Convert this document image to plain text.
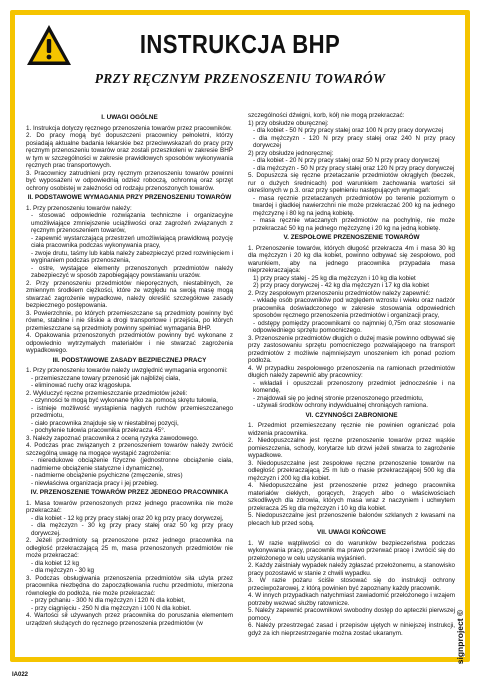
INSTRUKCJA BHP
PRZY RĘCZNYM PRZENOSZENIU TOWARÓW
I. UWAGI OGÓLNE

1. Instrukcja dotyczy ręcznego przenoszenia towarów przez pracowników.

2. Do pracy mogą być dopuszczeni pracownicy pełnoletni, którzy posiadają aktualne badania lekarskie bez przeciwwskazań do pracy przy ręcznym przenoszeniu towarów oraz zostali przeszkoleni w zakresie BHP w tym w szczególności w zakresie prawidłowych sposobów wykonywania ręcznych prac transportowych.

3. Pracownicy zatrudnieni przy ręcznym przenoszeniu towarów powinni być wyposażeni w odpowiednią odzież roboczą, ochronną oraz sprzęt ochrony osobistej w zależności od rodzaju przenoszonych towarów.

II. PODSTAWOWE WYMAGANIA PRZY PRZENOSZENIU TOWARÓW

1. Przy przenoszeniu towarów należy:

- stosować odpowiednie rozwiązania techniczne i organizacyjne umożliwiające zmniejszenie uciążliwości oraz zagrożeń związanych z ręcznym przenoszeniem towarów,

- zapewnić wystarczającą przestrzeń umożliwiającą prawidłową pozycję ciała pracownika podczas wykonywania pracy,

- zwoje drutu, taśmy lub kabla należy zabezpieczyć przed rozwinięciem i wyginaniem podczas przenoszenia,

- ostre, wystające elementy przenoszonych przedmiotów należy zabezpieczyć w sposób zapobiegający powstawaniu urazów.

2. Przy przenoszeniu przedmiotów nieporęcznych, niestabilnych, ze zmiennym środkiem ciężkości, które ze względu na swoją masę mogą stwarzać zagrożenie wypadkowe, należy określić szczegółowe zasady bezpiecznego postępowania.

3. Powierzchnie, po których przemieszczane są przedmioty powinny być równe, stabilne i nie śliskie a drogi transportowe i przejścia, po których przemieszczane są przedmioty powinny spełniać wymagania BHP.

4. Opakowania przenoszonych przedmiotów powinny być wykonane z odpowiednio wytrzymałych materiałów i nie stwarzać zagrożenia wypadkowego.

III. PODSTAWOWE ZASADY BEZPIECZNEJ PRACY

1. Przy przenoszeniu towarów należy uwzględnić wymagania ergonomii:

- przemieszczane towary przenosić jak najbliżej ciała,

- eliminować ruchy oraz krągosłupa.

2. Wykluczyć ręczne przemieszczanie przedmiotów jeżeli:

- czynności te mogą być wykonane tylko za pomocą skrętu tułowia,

- istnieje możliwość wystąpienia nagłych ruchów przemieszczanego przedmiotu,

- ciało pracownika znajduje się w niestabilnej pozycji,

- pochylenie tułowia pracownika przekracza 45°.

3. Należy zapoznać pracownika z oceną ryzyka zawodowego.

4. Podczas prac związanych z przenoszeniem towarów należy zwrócić szczególną uwagę na mogące wystąpić zagrożenia:

- nieredukowe obciążenie fizyczne (jednostronne obciążenie ciała, nadmierne obciążenie statyczne i dynamiczne),

- nadmierne obciążenie psychiczne (zmęczenie, stres)

- niewłaściwa organizacja pracy i jej przebieg.

IV. PRZENOSZENIE TOWARÓW PRZEZ JEDNEGO PRACOWNIKA

1. Masa towarów przenoszonych przez jednego pracownika nie może przekraczać:

- dla kobiet - 12 kg przy pracy stałej oraz 20 kg przy pracy dorywczej,

- dla mężczyzn - 30 kg przy pracy stałej oraz 50 kg przy pracy dorywczej.

2. Jeżeli przedmioty są przenoszone przez jednego pracownika na odległość przekraczającą 25 m, masa przenoszonych przedmiotów nie może przekraczać:

- dla kobiet 12 kg

- dla mężczyzn - 30 kg

3. Podczas obsługiwania przenoszenia przedmiotów siła użyta przez pracownika niezbędna do zapoczątkowania ruchu przedmiotu, mierzona równolegle do podłoża, nie może przekraczać:

- przy pchaniu - 300 N dla mężczyzn i 120 N dla kobiet,

- przy ciągnięciu - 250 N dla mężczyzn i 100 N dla kobiet.

4. Wartości sił używanych przez pracownika do poruszania elementem urządzeń służących do ręcznego przenoszenia przedmiotów (w

szczególności dźwigni, korb, kół) nie mogą przekraczać:

1) przy obsłudze oburęcznej:

- dla kobiet - 50 N przy pracy stałej oraz 100 N przy pracy dorywczej

- dla mężczyzn - 120 N przy pracy stałej oraz 240 N przy pracy dorywczej

2) przy obsłudze jednoręcznej:

- dla kobiet - 20 N przy pracy stałej oraz 50 N przy pracy dorywczej

- dla mężczyzn - 50 N przy pracy stałej oraz 120 N przy pracy dorywczej

5. Dopuszcza się ręczne przetaczanie przedmiotów okrągłych (beczek, rur o dużych średnicach) pod warunkiem zachowania wartości sił określonych w p.3. oraz przy spełnieniu następujących wymagań:

- masa ręcznie przetaczanych przedmiotów po terenie poziomym o twardej i gładkiej nawierzchni nie może przekraczać 200 kg na jednego mężczyznę i 80 kg na jedną kobietę.

- masa ręcznie wtaczanych przedmiotów na pochylnię, nie może przekraczać 50 kg na jednego mężczyznę i 20 kg na jedną kobietę.

V. ZESPOŁOWE PRZENOSZENIE TOWARÓW

1. Przenoszenie towarów, których długość przekracza 4m i masa 30 kg dla mężczyzn i 20 kg dla kobiet, powinno odbywać się zespołowo, pod warunkiem, aby na jednego pracownika przypadała masa nieprzekraczająca:

1) przy pracy stałej - 25 kg dla mężczyzn i 10 kg dla kobiet

2) przy pracy dorywczej - 42 kg dla mężczyzn i 17 kg dla kobiet

2. Przy zespołowym przenoszeniu przedmiotów należy zapewnić:

- wkładę osób pracowników pod względem wzrostu i wieku oraz nadzór pracownika doświadczonego w zakresie stosowania odpowiednich sposobów ręcznego przenoszenia przedmiotów i organizacji pracy,

- odstępy pomiędzy pracownikami co najmniej 0,75m oraz stosowanie odpowiedniego sprzętu pomocniczego.

3. Przenoszenie przedmiotów długich o dużej masie powinno odbywać się przy zastosowaniu sprzętu pomocniczego pozwalającego na transport przedmiotów z możliwie najmniejszym unoszeniem ich ponad poziom podłoża.

4. W przypadku zespołowego przenoszenia na ramionach przedmiotów długich należy zapewnić aby pracownicy:

- wkładali i opuszczali przenoszony przedmiot jednocześnie i na komendę,

- znajdowali się po jednej stronie przenoszonego przedmiotu,

- używali środków ochrony indywidualnej chroniących ramiona.

VI. CZYNNOŚCI ZABRONIONE

1. Przedmiot przemieszczany ręcznie nie powinien ograniczać pola widzenia pracownika.

2. Niedopuszczalne jest ręczne przenoszenie towarów przez wąskie pomieszczenia, schody, korytarze lub drzwi jeżeli stwarza to zagrożenie wypadkowe.

3. Niedopuszczalne jest zespołowe ręczne przenoszenie towarów na odległość przekraczającą 25 m lub o masie przekraczającej 500 kg dla mężczyzn i 200 kg dla kobiet.

4. Niedopuszczalne jest przenoszenie przez jednego pracownika materiałów ciekłych, gorących, żrących albo o właściwościach szkodliwych dla zdrowia, których masa wraz z naczyniem i uchwytem przekracza 25 kg dla mężczyzn i 10 kg dla kobiet.

5. Niedopuszczalne jest przenoszenie balonów szklanych z kwasami na plecach lub przed sobą.

VII. UWAGI KOŃCOWE

1. W razie wątpliwości co do warunków bezpieczeństwa podczas wykonywania pracy, pracownik ma prawo przerwać pracę i zwrócić się do przełożonego w celu uzyskania wyjaśnień.

2. Każdy zaistniały wypadek należy zgłaszać przełożonemu, a stanowisko pracy pozostawić w stanie z chwili wypadku.

3. W razie pożaru ściśle stosować się do instrukcji ochrony przeciwpożarowej, z którą powinien być zapoznany każdy pracownik.

4. W innych przypadkach natychmiast zawiadomić przełożonego i wzajem potrzeby wezwać służby ratownicze.

5. Należy zapewnić pracownikowi swobodny dostęp do apteczki pierwszej pomocy.

6. Należy przestrzegać zasad i przepisów ujętych w niniejszej instrukcji, gdyż za ich nieprzestrzeganie można zostać ukaranym.	signproject ©
IA022
